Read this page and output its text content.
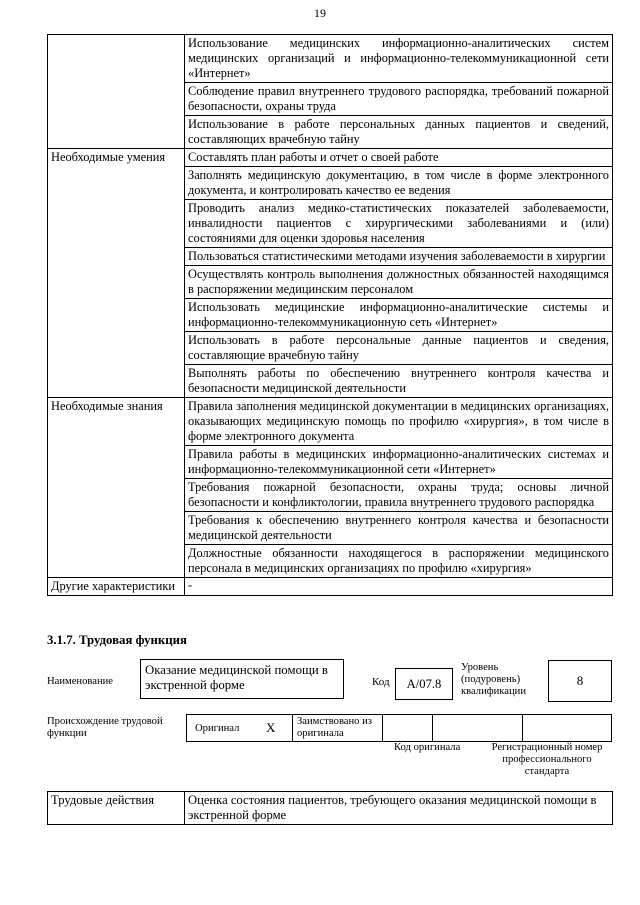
19
	Использование медицинских информационно-аналитических систем медицинских организаций и информационно-телекоммуникационной сети «Интернет»
	Соблюдение правил внутреннего трудового распорядка, требований пожарной безопасности, охраны труда
	Использование в работе персональных данных пациентов и сведений, составляющих врачебную тайну
Необходимые умения	Составлять план работы и отчет о своей работе
	Заполнять медицинскую документацию, в том числе в форме электронного документа, и контролировать качество ее ведения
	Проводить анализ медико-статистических показателей заболеваемости, инвалидности пациентов с хирургическими заболеваниями и (или) состояниями для оценки здоровья населения
	Пользоваться статистическими методами изучения заболеваемости в хирургии
	Осуществлять контроль выполнения должностных обязанностей находящимся в распоряжении медицинским персоналом
	Использовать медицинские информационно-аналитические системы и информационно-телекоммуникационную сеть «Интернет»
	Использовать в работе персональные данные пациентов и сведения, составляющие врачебную тайну
	Выполнять работы по обеспечению внутреннего контроля качества и безопасности медицинской деятельности
Необходимые знания	Правила заполнения медицинской документации в медицинских организациях, оказывающих медицинскую помощь по профилю «хирургия», в том числе в форме электронного документа
	Правила работы в медицинских информационно-аналитических системах и информационно-телекоммуникационной сети «Интернет»
	Требования пожарной безопасности, охраны труда; основы личной безопасности и конфликтологии, правила внутреннего трудового распорядка
	Требования к обеспечению внутреннего контроля качества и безопасности медицинской деятельности
	Должностные обязанности находящегося в распоряжении медицинского персонала в медицинских организациях по профилю «хирургия»
Другие характеристики	-
3.1.7. Трудовая функция
Наименование
Оказание медицинской помощи в экстренной форме	Код	A/07.8
Уровень (подуровень) квалификации
8
Происхождение трудовой функции	Оригинал X Заимствовано из оригинала
Код оригинала	Регистрационный номер профессионального стандарта
Трудовые действия	Оценка состояния пациентов, требующего оказания медицинской помощи в экстренной форме
